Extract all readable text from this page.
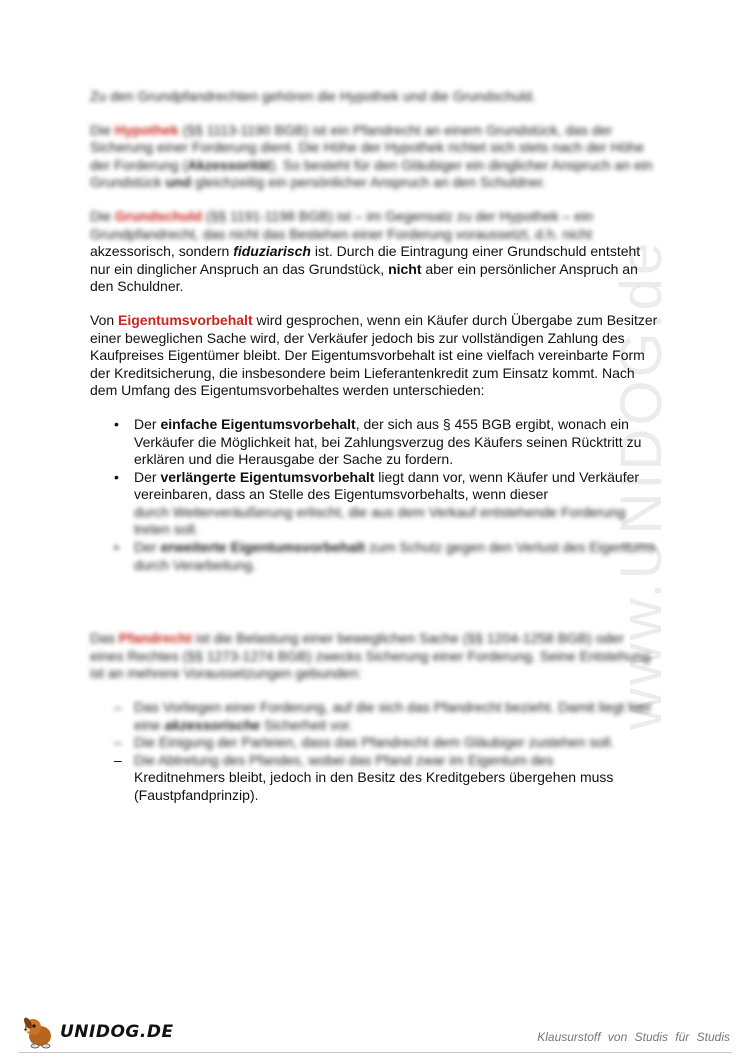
www.UNIDOG.de

Zu den Grundpfandrechten gehören die Hypothek und die Grundschuld.

Die Hypothek (§§ 1113-1190 BGB) ist ein Pfandrecht an einem Grundstück, das der Sicherung einer Forderung dient. Die Höhe der Hypothek richtet sich stets nach der Höhe der Forderung (Akzessorität). So besteht für den Gläubiger ein dinglicher Anspruch an ein Grundstück und gleichzeitig ein persönlicher Anspruch an den Schuldner.

Die Grundschuld (§§ 1191-1198 BGB) ist – im Gegensatz zu der Hypothek – ein Grundpfandrecht, das nicht das Bestehen einer Forderung voraussetzt, d.h. nicht
akzessorisch, sondern fiduziarisch ist. Durch die Eintragung einer Grundschuld entsteht nur ein dinglicher Anspruch an das Grundstück, nicht aber ein persönlicher Anspruch an den Schuldner.

Von Eigentumsvorbehalt wird gesprochen, wenn ein Käufer durch Übergabe zum Besitzer einer beweglichen Sache wird, der Verkäufer jedoch bis zur vollständigen Zahlung des Kaufpreises Eigentümer bleibt. Der Eigentumsvorbehalt ist eine vielfach vereinbarte Form der Kreditsicherung, die insbesondere beim Lieferantenkredit zum Einsatz kommt. Nach dem Umfang des Eigentumsvorbehaltes werden unterschieden:

• Der einfache Eigentumsvorbehalt, der sich aus § 455 BGB ergibt, wonach ein Verkäufer die Möglichkeit hat, bei Zahlungsverzug des Käufers seinen Rücktritt zu erklären und die Herausgabe der Sache zu fordern.
• Der verlängerte Eigentumsvorbehalt liegt dann vor, wenn Käufer und Verkäufer vereinbaren, dass an Stelle des Eigentumsvorbehalts, wenn dieser
durch Weiterveräußerung erlischt, die aus dem Verkauf entstehende Forderung treten soll.
• Der erweiterte Eigentumsvorbehalt zum Schutz gegen den Verlust des Eigentums durch Verarbeitung.

Das Pfandrecht ist die Belastung einer beweglichen Sache (§§ 1204-1258 BGB) oder eines Rechtes (§§ 1273-1274 BGB) zwecks Sicherung einer Forderung. Seine Entstehung ist an mehrere Voraussetzungen gebunden:

– Das Vorliegen einer Forderung, auf die sich das Pfandrecht bezieht. Damit liegt hier eine akzessorische Sicherheit vor.
– Die Einigung der Parteien, dass das Pfandrecht dem Gläubiger zustehen soll.
– Die Abtretung des Pfandes, wobei das Pfand zwar im Eigentum des
Kreditnehmers bleibt, jedoch in den Besitz des Kreditgebers übergehen muss (Faustpfandprinzip).
UNIDOG.DE	Klausurstoff von Studis für Studis
